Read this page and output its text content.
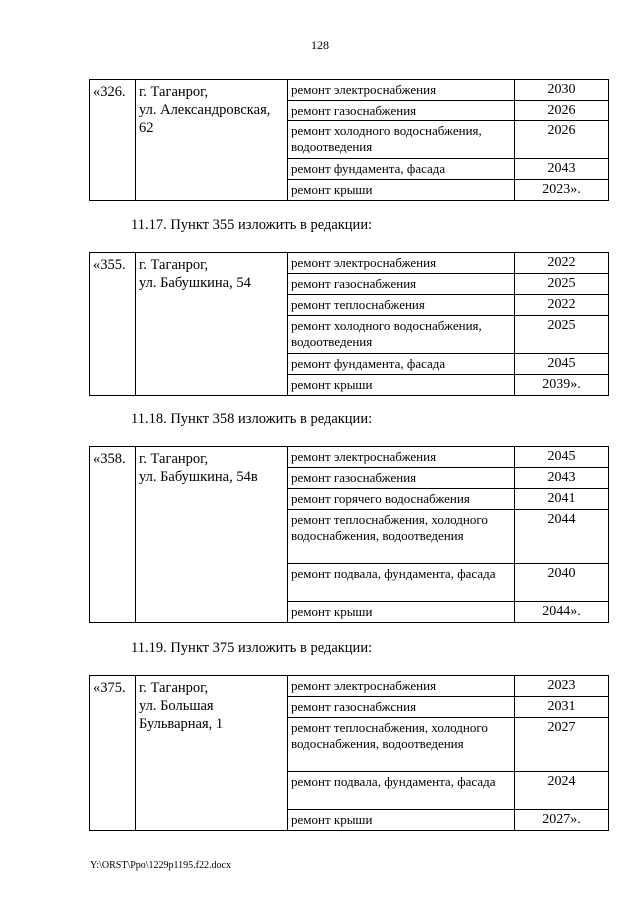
128
«326.	г. Таганрог,
ул. Александровская,
62	ремонт электроснабжения	2030
		ремонт газоснабжения	2026
		ремонт холодного водоснабжения, водоотведения	2026
		ремонт фундамента, фасада	2043
		ремонт крыши	2023».
11.17. Пункт 355 изложить в редакции:
«355.	г. Таганрог,
ул. Бабушкина, 54	ремонт электроснабжения	2022
		ремонт газоснабжения	2025
		ремонт теплоснабжения	2022
		ремонт холодного водоснабжения, водоотведения	2025
		ремонт фундамента, фасада	2045
		ремонт крыши	2039».
11.18. Пункт 358 изложить в редакции:
«358.	г. Таганрог,
ул. Бабушкина, 54в	ремонт электроснабжения	2045
		ремонт газоснабжения	2043
		ремонт горячего водоснабжения	2041
		ремонт теплоснабжения, холодного водоснабжения, водоотведения	2044
		ремонт подвала, фундамента, фасада	2040
		ремонт крыши	2044».
11.19. Пункт 375 изложить в редакции:
«375.	г. Таганрог,
ул. Большая
Бульварная, 1	ремонт электроснабжения	2023
		ремонт газоснабжсния	2031
		ремонт теплоснабжения, холодного водоснабжения, водоотведения	2027
		ремонт подвала, фундамента, фасада	2024
		ремонт крыши	2027».
Y:\ORST\Ppo\1229p1195.f22.docx
